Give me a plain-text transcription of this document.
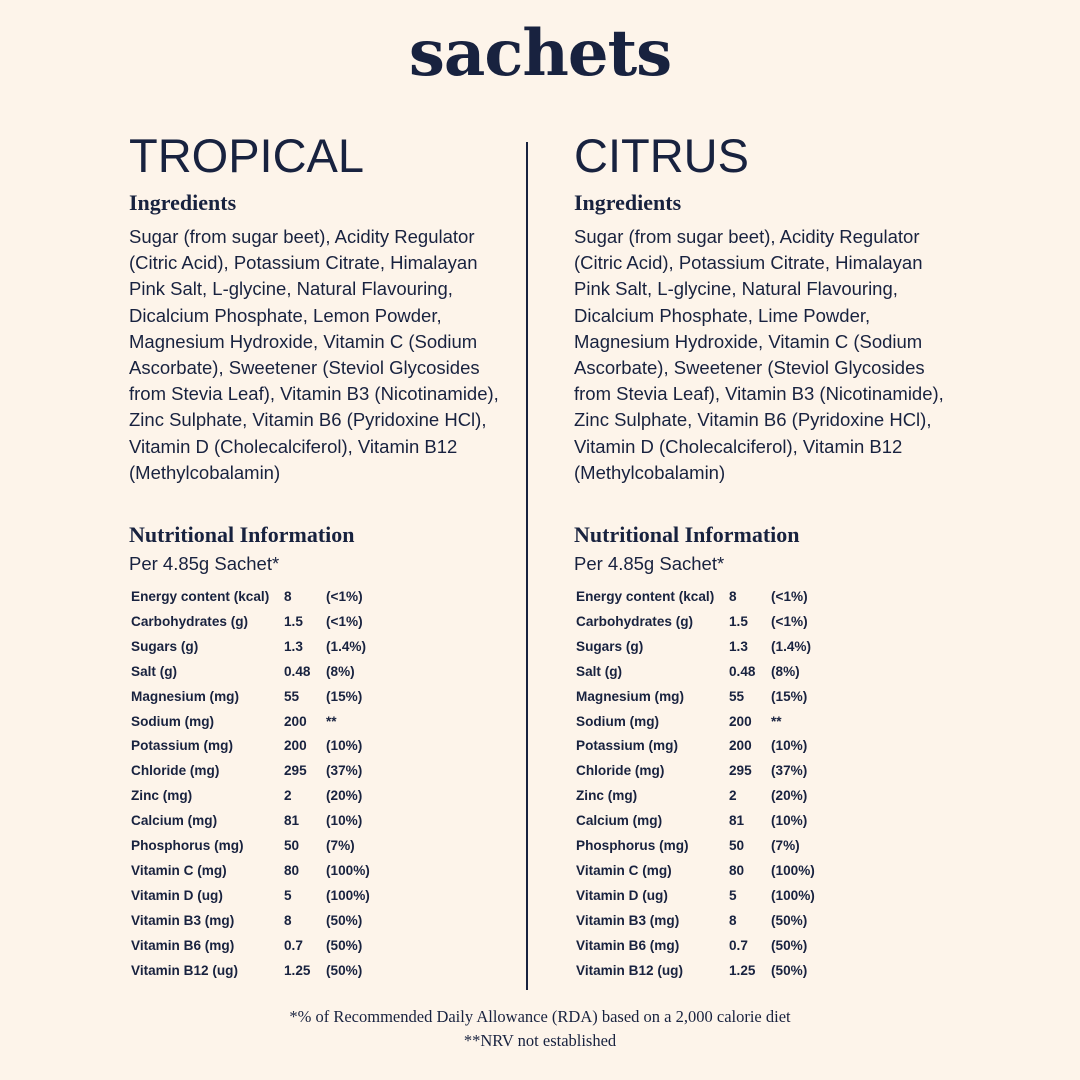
sachets
TROPICAL
Ingredients

Sugar (from sugar beet), Acidity Regulator (Citric Acid), Potassium Citrate, Himalayan Pink Salt, L-glycine, Natural Flavouring, Dicalcium Phosphate, Lemon Powder, Magnesium Hydroxide, Vitamin C (Sodium Ascorbate), Sweetener (Steviol Glycosides from Stevia Leaf), Vitamin B3 (Nicotinamide), Zinc Sulphate, Vitamin B6 (Pyridoxine HCl), Vitamin D (Cholecalciferol), Vitamin B12 (Methylcobalamin)

Nutritional Information

Per 4.85g Sachet*

Energy content (kcal)	8	(<1%)
Carbohydrates (g)	1.5	(<1%)
Sugars (g)	1.3	(1.4%)
Salt (g)	0.48	(8%)
Magnesium (mg)	55	(15%)
Sodium (mg)	200	**
Potassium (mg)	200	(10%)
Chloride (mg)	295	(37%)
Zinc (mg)	2	(20%)
Calcium (mg)	81	(10%)
Phosphorus (mg)	50	(7%)
Vitamin C (mg)	80	(100%)
Vitamin D (ug)	5	(100%)
Vitamin B3 (mg)	8	(50%)
Vitamin B6 (mg)	0.7	(50%)
Vitamin B12 (ug)	1.25	(50%)
CITRUS
Ingredients

Sugar (from sugar beet), Acidity Regulator (Citric Acid), Potassium Citrate, Himalayan Pink Salt, L-glycine, Natural Flavouring, Dicalcium Phosphate, Lime Powder, Magnesium Hydroxide, Vitamin C (Sodium Ascorbate), Sweetener (Steviol Glycosides from Stevia Leaf), Vitamin B3 (Nicotinamide), Zinc Sulphate, Vitamin B6 (Pyridoxine HCl), Vitamin D (Cholecalciferol), Vitamin B12 (Methylcobalamin)

Nutritional Information

Per 4.85g Sachet*

Energy content (kcal)	8	(<1%)
Carbohydrates (g)	1.5	(<1%)
Sugars (g)	1.3	(1.4%)
Salt (g)	0.48	(8%)
Magnesium (mg)	55	(15%)
Sodium (mg)	200	**
Potassium (mg)	200	(10%)
Chloride (mg)	295	(37%)
Zinc (mg)	2	(20%)
Calcium (mg)	81	(10%)
Phosphorus (mg)	50	(7%)
Vitamin C (mg)	80	(100%)
Vitamin D (ug)	5	(100%)
Vitamin B3 (mg)	8	(50%)
Vitamin B6 (mg)	0.7	(50%)
Vitamin B12 (ug)	1.25	(50%)

*% of Recommended Daily Allowance (RDA) based on a 2,000 calorie diet

**NRV not established
